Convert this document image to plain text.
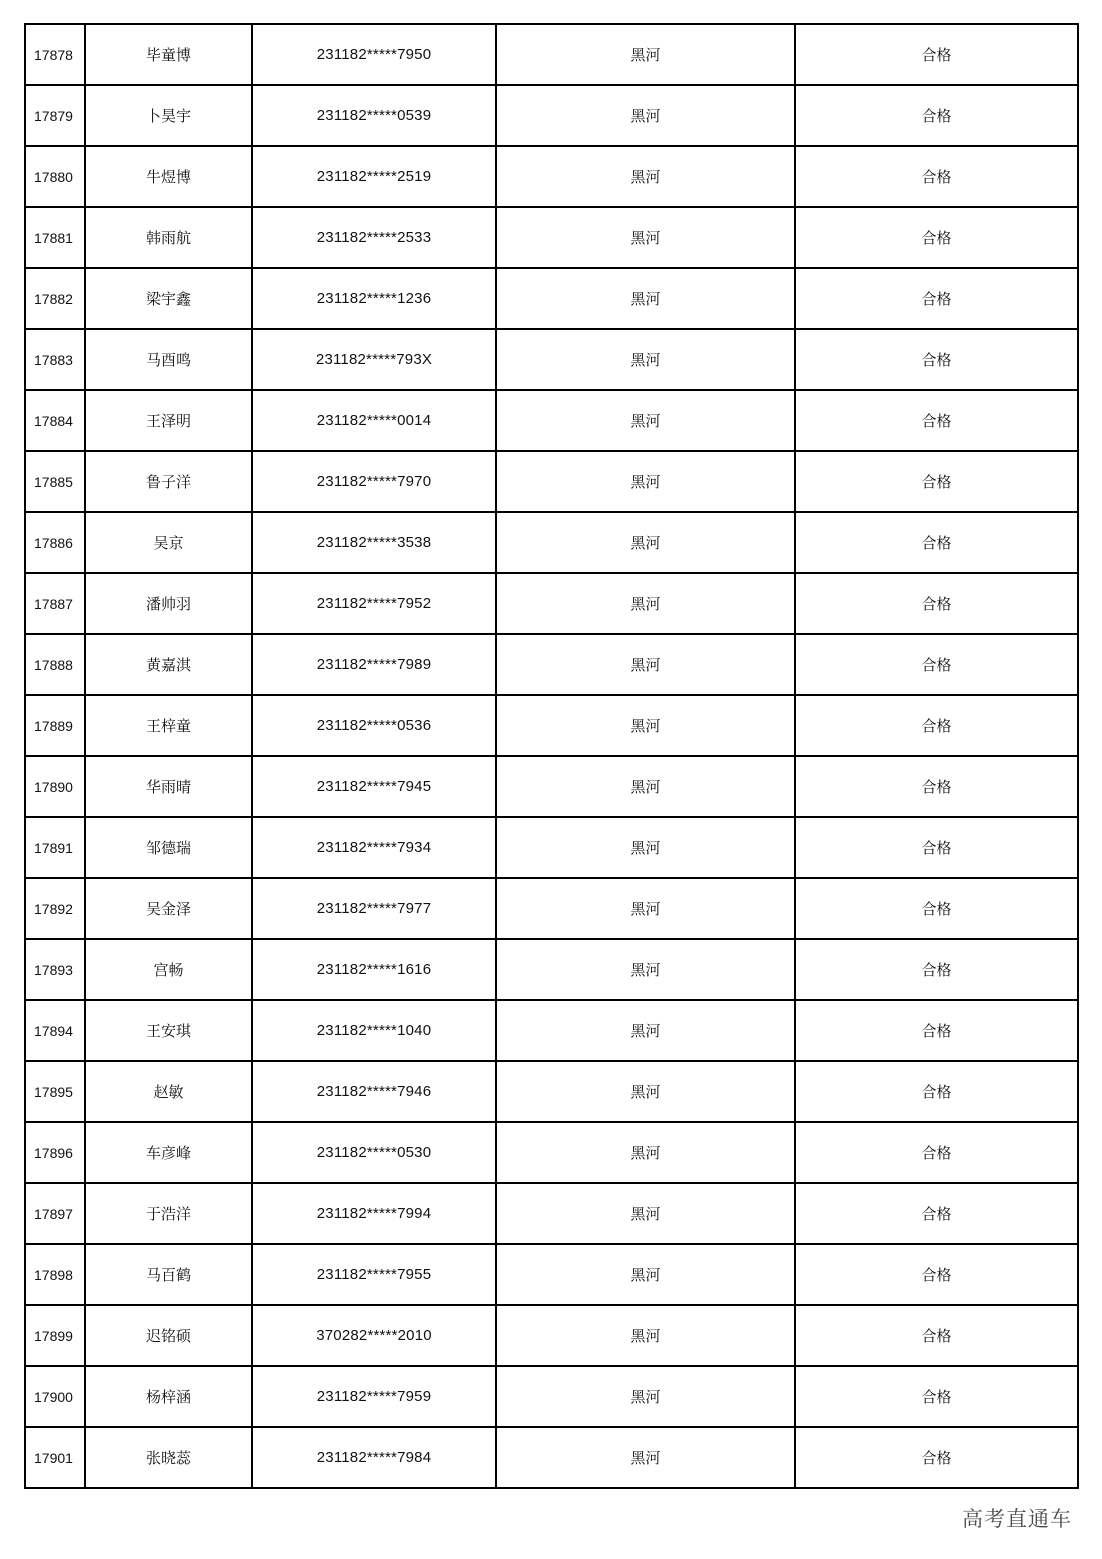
17878	毕童博	231182*****7950	黑河	合格
17879	卜昊宇	231182*****0539	黑河	合格
17880	牛煜博	231182*****2519	黑河	合格
17881	韩雨航	231182*****2533	黑河	合格
17882	梁宇鑫	231182*****1236	黑河	合格
17883	马酉鸣	231182*****793X	黑河	合格
17884	王泽明	231182*****0014	黑河	合格
17885	鲁子洋	231182*****7970	黑河	合格
17886	吴京	231182*****3538	黑河	合格
17887	潘帅羽	231182*****7952	黑河	合格
17888	黄嘉淇	231182*****7989	黑河	合格
17889	王梓童	231182*****0536	黑河	合格
17890	华雨晴	231182*****7945	黑河	合格
17891	邹德瑞	231182*****7934	黑河	合格
17892	吴金泽	231182*****7977	黑河	合格
17893	宫畅	231182*****1616	黑河	合格
17894	王安琪	231182*****1040	黑河	合格
17895	赵敏	231182*****7946	黑河	合格
17896	车彦峰	231182*****0530	黑河	合格
17897	于浩洋	231182*****7994	黑河	合格
17898	马百鹤	231182*****7955	黑河	合格
17899	迟铭硕	370282*****2010	黑河	合格
17900	杨梓涵	231182*****7959	黑河	合格
17901	张晓蕊	231182*****7984	黑河	合格
高考直通车
